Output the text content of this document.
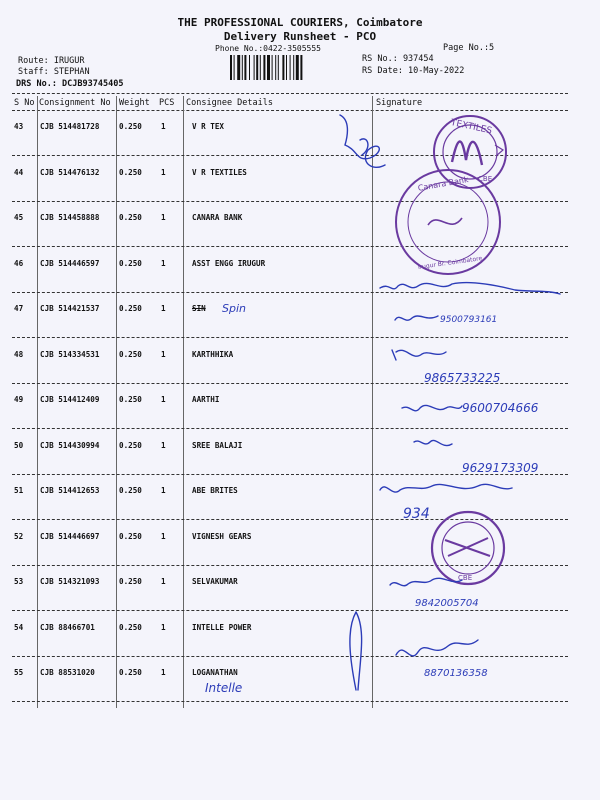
THE PROFESSIONAL COURIERS, Coimbatore
Delivery Runsheet - PCO
Phone No.:0422-3505555	Page No.:5
Route: IRUGUR
Staff: STEPHAN
DRS No.: DCJB93745405
RS No.: 937454
RS Date: 10-May-2022
S No Consignment No Weight PCS Consignee Details	Signature
43 CJB 514481728	0.250	1	V R TEX
44 CJB 514476132	0.250	1	V R TEXTILES
45 CJB 514458888	0.250	1	CANARA BANK
46 CJB 514446597	0.250	1	ASST ENGG IRUGUR
47 CJB 514421537	0.250	1	SIN
48 CJB 514334531	0.250	1	KARTHHIKA
49 CJB 514412409	0.250	1	AARTHI
50 CJB 514430994	0.250	1	SREE BALAJI
51 CJB 514412653	0.250	1	ABE BRITES
52 CJB 514446697	0.250	1	VIGNESH GEARS
53 CJB 514321093	0.250	1	SELVAKUMAR
54 CJB 88466701	0.250	1	INTELLE POWER
55 CJB 88531020	0.250	1	LOGANATHAN
TEXTILES
CBE
Canara Bank
Irugur Br. Coimbatore
CBE
Spin
Intelle
9500793161
9865733225
9600704666
9629173309
934
9842005704
8870136358
